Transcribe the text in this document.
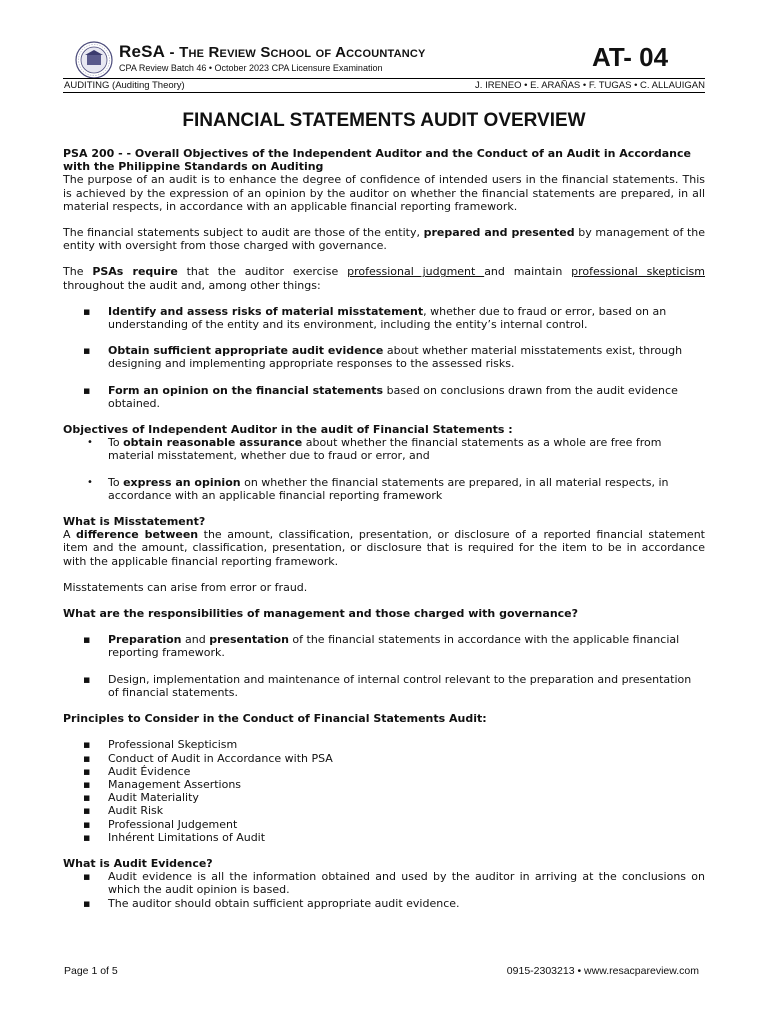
ReSA - The Review School of Accountancy
CPA Review Batch 46 • October 2023 CPA Licensure Examination	AT- 04
AUDITING (Auditing Theory)	J. IRENEO • E. ARAÑAS • F. TUGAS • C. ALLAUIGAN
FINANCIAL STATEMENTS AUDIT OVERVIEW

PSA 200 - - Overall Objectives of the Independent Auditor and the Conduct of an Audit in Accordance with the Philippine Standards on Auditing

The purpose of an audit is to enhance the degree of confidence of intended users in the financial statements. This is achieved by the expression of an opinion by the auditor on whether the financial statements are prepared, in all material respects, in accordance with an applicable financial reporting framework.

The financial statements subject to audit are those of the entity, prepared and presented by management of the entity with oversight from those charged with governance.

The PSAs require that the auditor exercise professional judgment and maintain professional skepticism throughout the audit and, among other things:

▪ Identify and assess risks of material misstatement, whether due to fraud or error, based on an understanding of the entity and its environment, including the entity’s internal control.
▪ Obtain sufficient appropriate audit evidence about whether material misstatements exist, through designing and implementing appropriate responses to the assessed risks.
▪ Form an opinion on the financial statements based on conclusions drawn from the audit evidence obtained.

Objectives of Independent Auditor in the audit of Financial Statements :

• To obtain reasonable assurance about whether the financial statements as a whole are free from material misstatement, whether due to fraud or error, and
• To express an opinion on whether the financial statements are prepared, in all material respects, in accordance with an applicable financial reporting framework

What is Misstatement?

A difference between the amount, classification, presentation, or disclosure of a reported financial statement item and the amount, classification, presentation, or disclosure that is required for the item to be in accordance with the applicable financial reporting framework.

Misstatements can arise from error or fraud.

What are the responsibilities of management and those charged with governance?

▪ Preparation and presentation of the financial statements in accordance with the applicable financial reporting framework.
▪ Design, implementation and maintenance of internal control relevant to the preparation and presentation of financial statements.

Principles to Consider in the Conduct of Financial Statements Audit:

▪ Professional Skepticism
▪ Conduct of Audit in Accordance with PSA
▪ Audit Évidence
▪ Management Assertions
▪ Audit Materiality
▪ Audit Risk
▪ Professional Judgement
▪ Inhérent Limitations of Audit

What is Audit Evidence?

▪ Audit evidence is all the information obtained and used by the auditor in arriving at the conclusions on which the audit opinion is based.
▪ The auditor should obtain sufficient appropriate audit evidence.
Page 1 of 5	0915-2303213 • www.resacpareview.com
